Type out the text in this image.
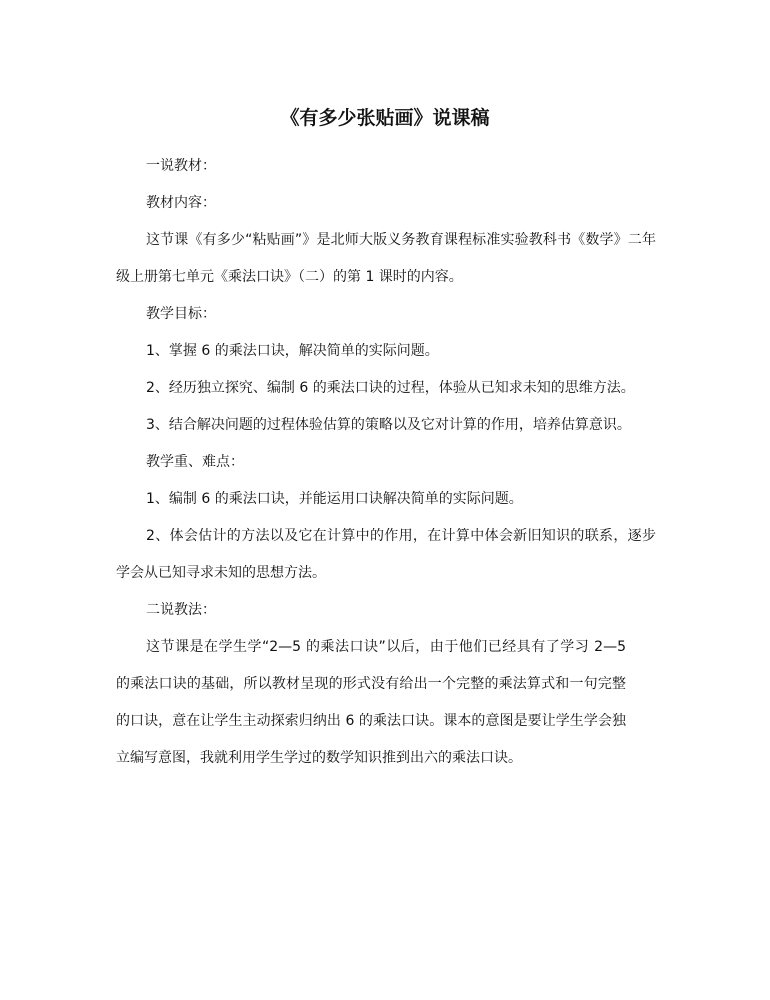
《有多少张贴画》说课稿

一说教材：

教材内容：

这节课《有多少“粘贴画”》是北师大版义务教育课程标准实验教科书《数学》二年级上册第七单元《乘法口诀》（二）的第 1 课时的内容。

教学目标：

1、掌握 6 的乘法口诀，解决简单的实际问题。

2、经历独立探究、编制 6 的乘法口诀的过程，体验从已知求未知的思维方法。

3、结合解决问题的过程体验估算的策略以及它对计算的作用，培养估算意识。

教学重、难点：

1、编制 6 的乘法口诀，并能运用口诀解决简单的实际问题。

2、体会估计的方法以及它在计算中的作用，在计算中体会新旧知识的联系，逐步学会从已知寻求未知的思想方法。

二说教法：

这节课是在学生学“2—5 的乘法口诀”以后，由于他们已经具有了学习 2—5 的乘法口诀的基础，所以教材呈现的形式没有给出一个完整的乘法算式和一句完整的口诀，意在让学生主动探索归纳出 6 的乘法口诀。课本的意图是要让学生学会独立编写意图，我就利用学生学过的数学知识推到出六的乘法口诀。
